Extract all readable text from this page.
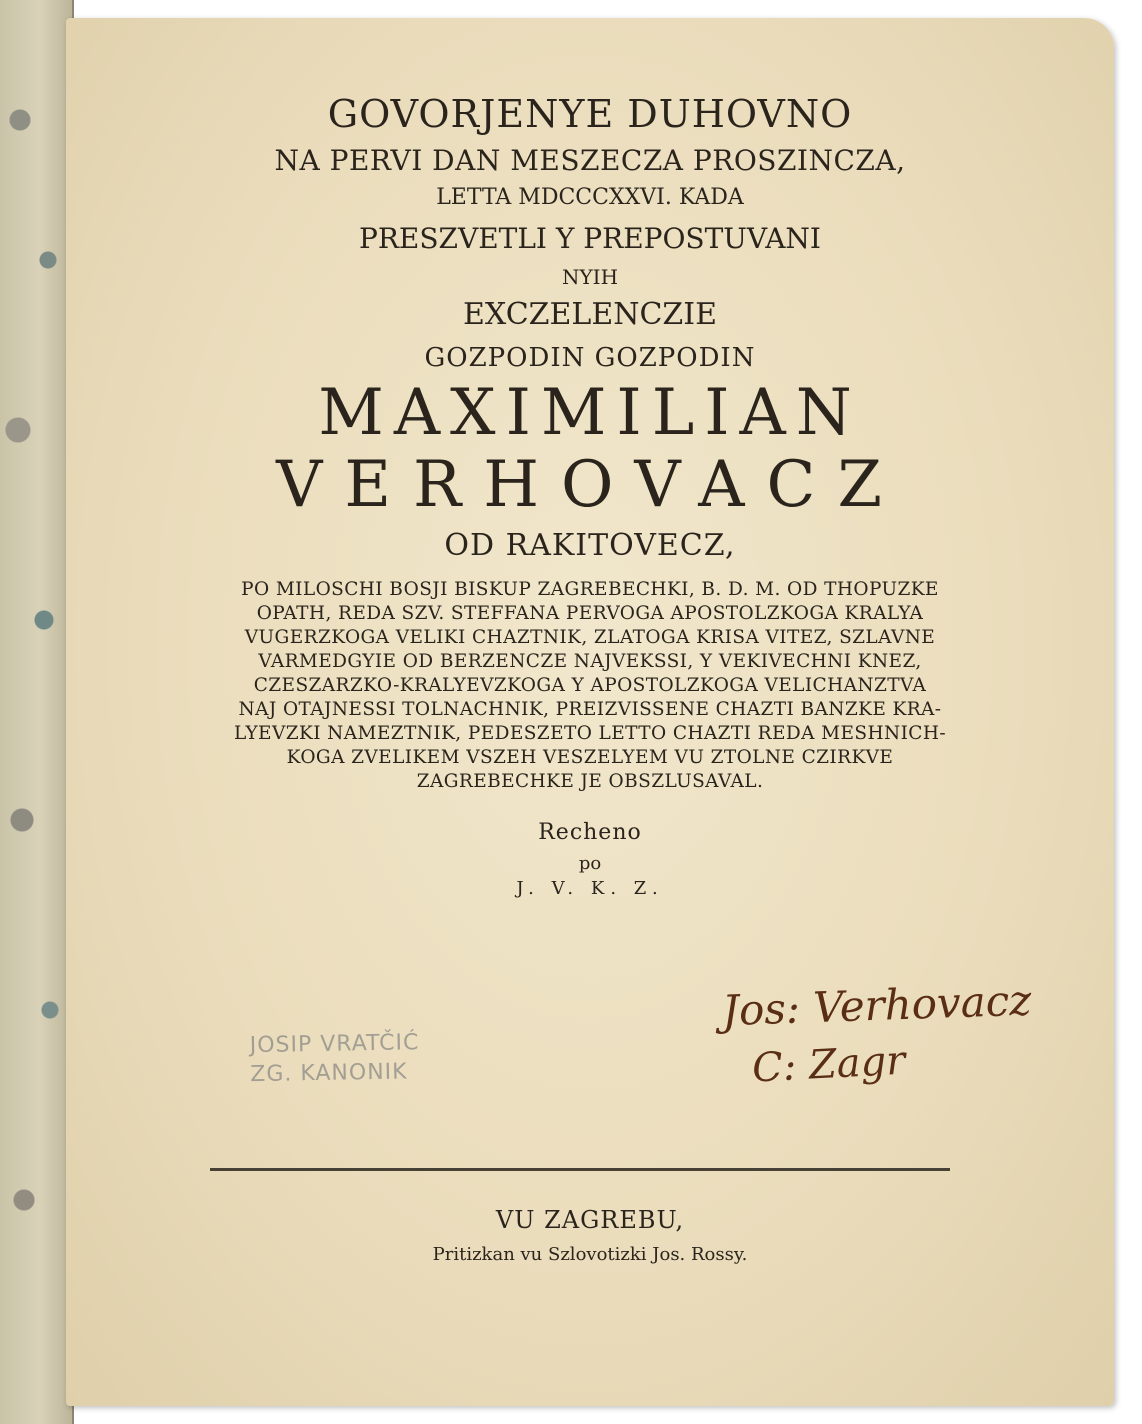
GOVORJENYE DUHOVNO
NA PERVI DAN MESZECZA PROSZINCZA,
LETTA MDCCCXXVI. KADA
PRESZVETLI Y PREPOSTUVANI
NYIH
EXCZELENCZIE
GOZPODIN GOZPODIN
MAXIMILIAN
VERHOVACZ
OD RAKITOVECZ,
PO MILOSCHI BOSJI BISKUP ZAGREBECHKI, B. D. M. OD THOPUZKE
OPATH, REDA SZV. STEFFANA PERVOGA APOSTOLZKOGA KRALYA
VUGERZKOGA VELIKI CHAZTNIK, ZLATOGA KRISA VITEZ, SZLAVNE
VARMEDGYIE OD BERZENCZE NAJVEKSSI, Y VEKIVECHNI KNEZ,
CZESZARZKO-KRALYEVZKOGA Y APOSTOLZKOGA VELICHANZTVA
NAJ OTAJNESSI TOLNACHNIK, PREIZVISSENE CHAZTI BANZKE KRA-
LYEVZKI NAMEZTNIK, PEDESZETO LETTO CHAZTI REDA MESHNICH-
KOGA ZVELIKEM VSZEH VESZELYEM VU ZTOLNE CZIRKVE
ZAGREBECHKE JE OBSZLUSAVAL.
Recheno
po
J. V. K. Z.
JOSIP VRATČIĆ
ZG. KANONIK
Jos: Verhovacz
C: Zagr
VU ZAGREBU,
Pritizkan vu Szlovotizki Jos. Rossy.
